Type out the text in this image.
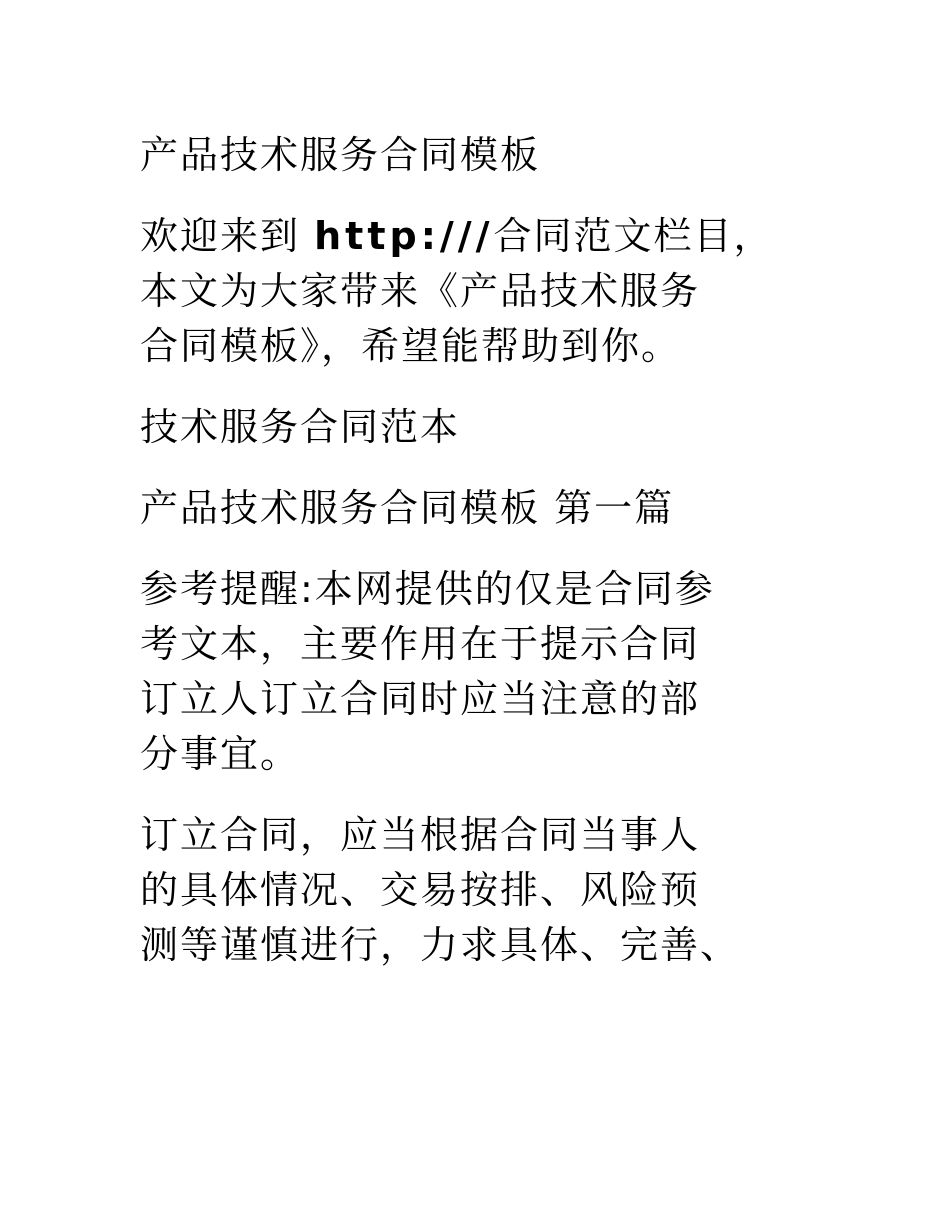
产品技术服务合同模板
欢迎来到 http:///合同范文栏目，
本文为大家带来《产品技术服务
合同模板》，希望能帮助到你。
技术服务合同范本
产品技术服务合同模板 第一篇
参考提醒:本网提供的仅是合同参
考文本，主要作用在于提示合同
订立人订立合同时应当注意的部
分事宜。
订立合同，应当根据合同当事人
的具体情况、交易按排、风险预
测等谨慎进行，力求具体、完善、
